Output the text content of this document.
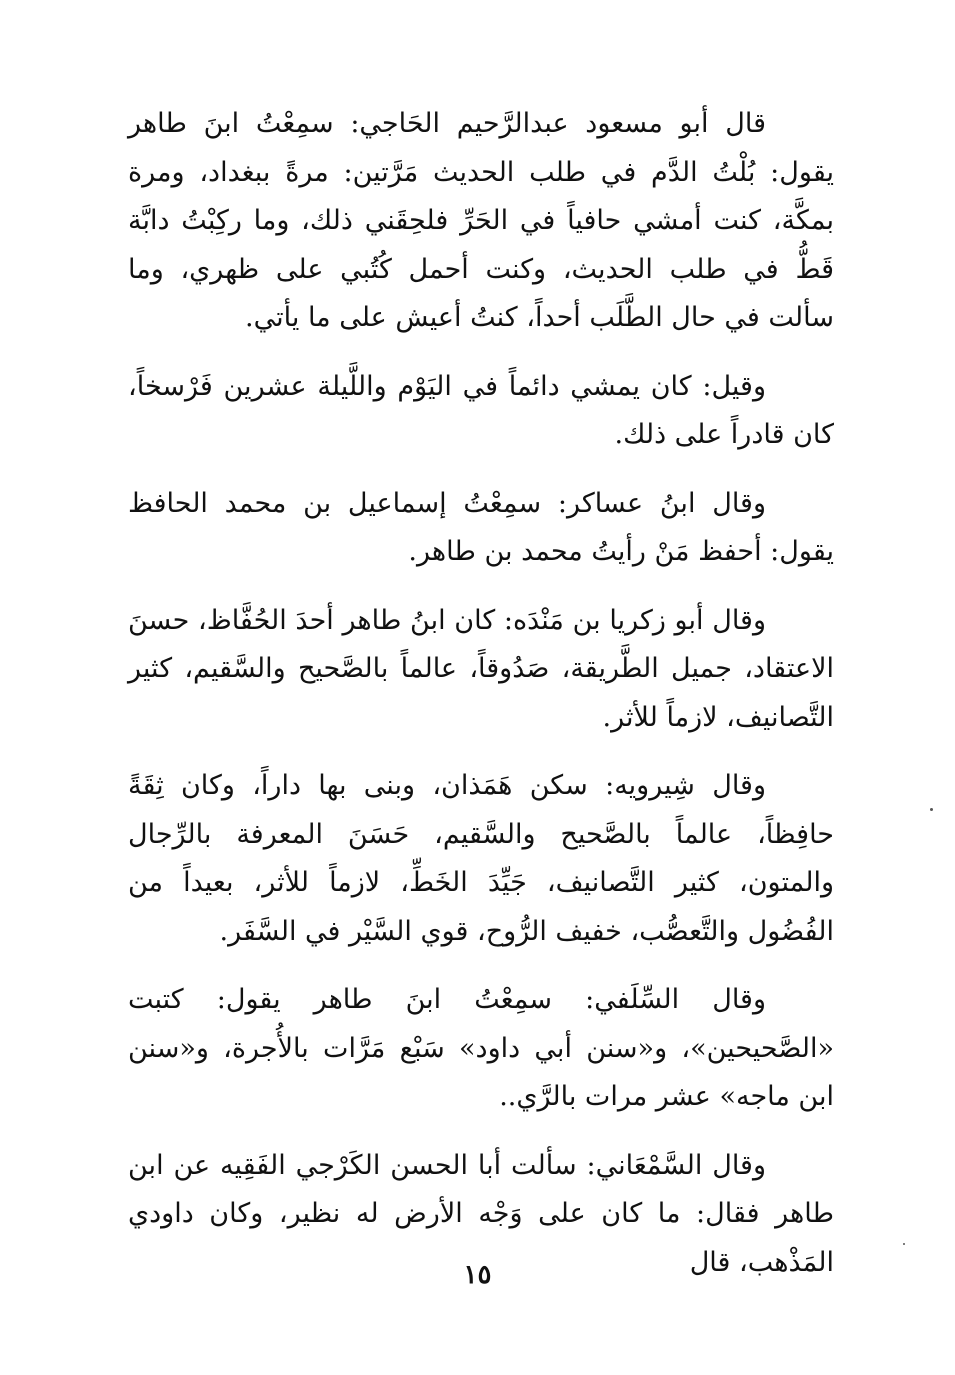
قال أبو مسعود عبدالرَّحيم الحَاجي: سمِعْتُ ابنَ طاهر يقول: بُلْتُ الدَّم في طلب الحديث مَرَّتين: مرةً ببغداد، ومرة بمكَّة، كنت أمشي حافياً في الحَرِّ فلحِقَني ذلك، وما ركِبْتُ دابَّة قَطُّ في طلب الحديث، وكنت أحمل كُتُبي على ظهري، وما سألت في حال الطَّلَب أحداً، كنتُ أعيش على ما يأتي.

وقيل: كان يمشي دائماً في اليَوْم واللَّيلة عشرين فَرْسخاً، كان قادراً على ذلك.

وقال ابنُ عساكر: سمِعْتُ إسماعيل بن محمد الحافظ يقول: أحفظ مَنْ رأيتُ محمد بن طاهر.

وقال أبو زكريا بن مَنْدَه: كان ابنُ طاهر أحدَ الحُفَّاظ، حسنَ الاعتقاد، جميل الطَّريقة، صَدُوقاً، عالماً بالصَّحيح والسَّقيم، كثير التَّصانيف، لازماً للأثر.

وقال شِيرويه: سكن هَمَذان، وبنى بها داراً، وكان ثِقَةً حافِظاً، عالماً بالصَّحيح والسَّقيم، حَسَنَ المعرفة بالرِّجال والمتون، كثير التَّصانيف، جَيِّدَ الخَطِّ، لازماً للأثر، بعيداً من الفُضُول والتَّعصُّب، خفيف الرُّوح، قوي السَّيْر في السَّفَر.

وقال السِّلَفي: سمِعْتُ ابنَ طاهر يقول: كتبت «الصَّحيحين»، و«سنن أبي داود» سَبْع مَرَّات بالأُجرة، و«سنن ابن ماجه» عشر مرات بالرَّي..

وقال السَّمْعَاني: سألت أبا الحسن الكَرْجي الفَقِيه عن ابن طاهر فقال: ما كان على وَجْه الأرض له نظير، وكان داودي المَذْهب، قال

١٥
